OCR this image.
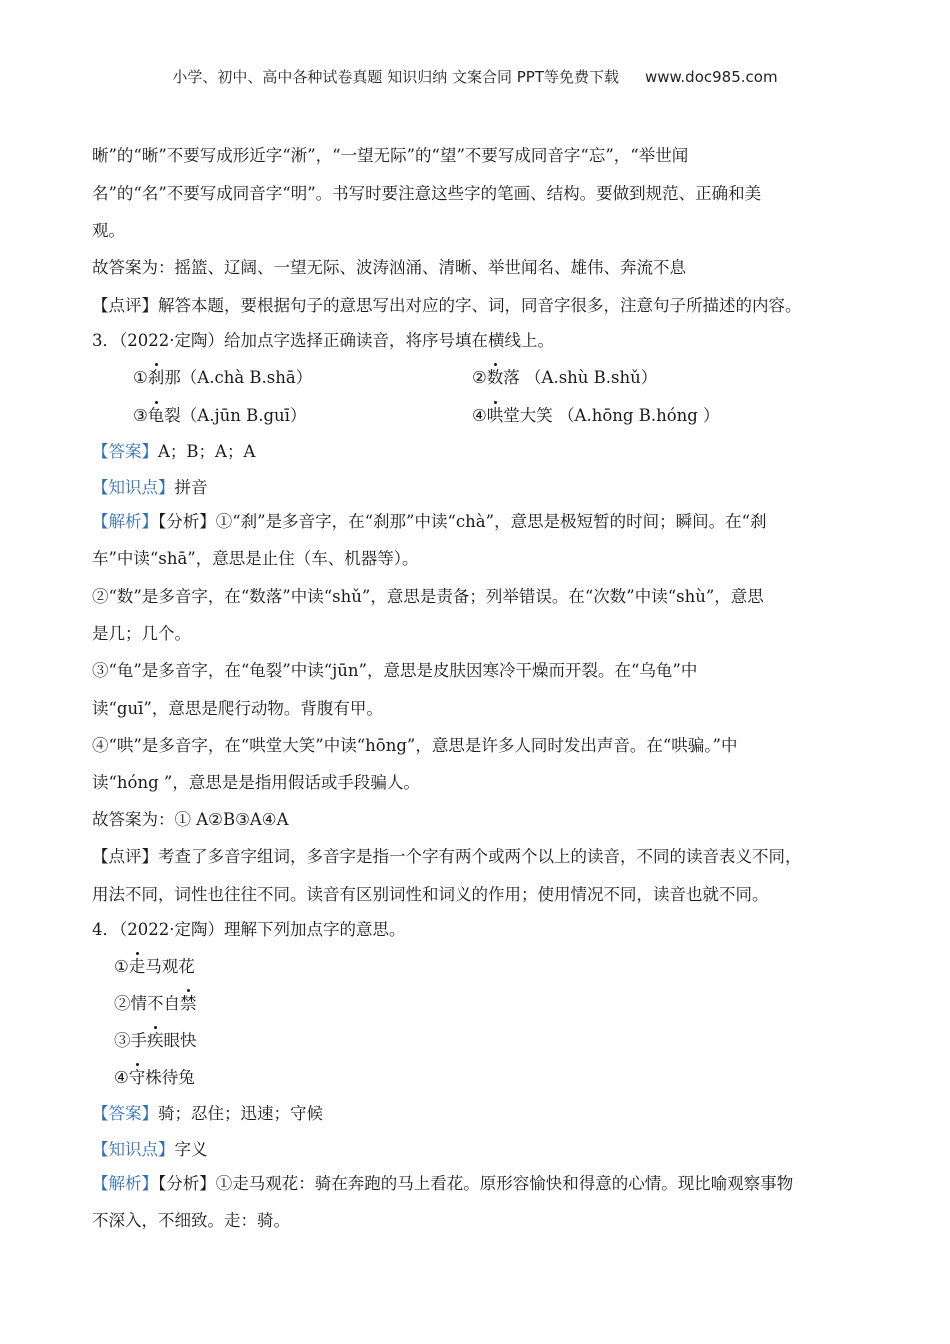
小学、初中、高中各种试卷真题 知识归纳 文案合同 PPT等免费下载 www.doc985.com
晰”的“晰”不要写成形近字“淅”，“一望无际”的“望”不要写成同音字“忘”，“举世闻
名”的“名”不要写成同音字“明”。书写时要注意这些字的笔画、结构。要做到规范、正确和美
观。
故答案为：摇篮、辽阔、一望无际、波涛汹涌、清晰、举世闻名、雄伟、奔流不息
【点评】解答本题，要根据句子的意思写出对应的字、词，同音字很多，注意句子所描述的内容。
3．（2022·定陶）给加点字选择正确读音，将序号填在横线上。
①刹那（A.chà B.shā）	②数落 （A.shù B.shǔ）
③龟裂（A.jūn B.guī）	④哄堂大笑 （A.hōng B.hóng ）
【答案】A；B；A；A
【知识点】拼音
【解析】【分析】①“刹”是多音字，在“刹那”中读“chà”，意思是极短暂的时间；瞬间。在“刹
车”中读“shā”，意思是止住（车、机器等）。
②“数”是多音字，在“数落”中读“shǔ”，意思是责备；列举错误。在“次数”中读“shù”，意思
是几；几个。
③“龟”是多音字，在“龟裂”中读“jūn”，意思是皮肤因寒冷干燥而开裂。在“乌龟”中
读“guī”，意思是爬行动物。背腹有甲。
④“哄”是多音字，在“哄堂大笑”中读“hōng”，意思是许多人同时发出声音。在“哄骗。”中
读“hóng ”，意思是是指用假话或手段骗人。
故答案为：① A②B③A④A
【点评】考查了多音字组词，多音字是指一个字有两个或两个以上的读音，不同的读音表义不同，
用法不同，词性也往往不同。读音有区别词性和词义的作用；使用情况不同，读音也就不同。
4．（2022·定陶）理解下列加点字的意思。
①走马观花
②情不自禁
③手疾眼快
④守株待兔
【答案】骑；忍住；迅速；守候
【知识点】字义
【解析】【分析】①走马观花：骑在奔跑的马上看花。原形容愉快和得意的心情。现比喻观察事物
不深入，不细致。走：骑。
